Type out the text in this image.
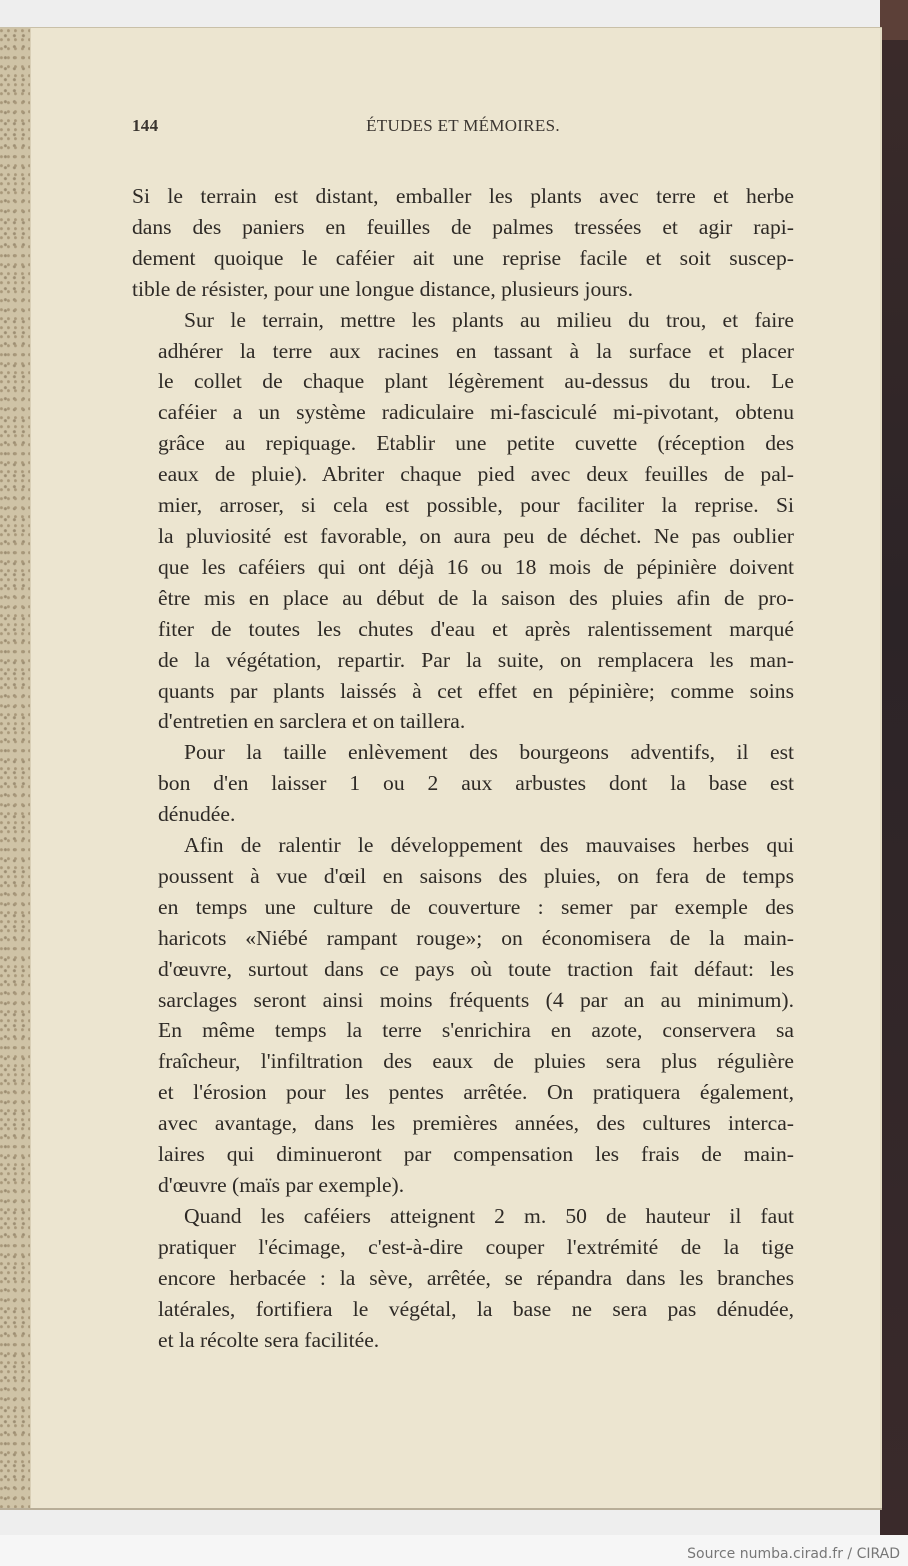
144	ÉTUDES ET MÉMOIRES.
Si le terrain est distant, emballer les plants avec terre et herbe
dans des paniers en feuilles de palmes tressées et agir rapi-
dement quoique le caféier ait une reprise facile et soit suscep-
tible de résister, pour une longue distance, plusieurs jours.
Sur le terrain, mettre les plants au milieu du trou, et faire
adhérer la terre aux racines en tassant à la surface et placer
le collet de chaque plant légèrement au-dessus du trou. Le
caféier a un système radiculaire mi-fasciculé mi-pivotant, obtenu
grâce au repiquage. Etablir une petite cuvette (réception des
eaux de pluie). Abriter chaque pied avec deux feuilles de pal-
mier, arroser, si cela est possible, pour faciliter la reprise. Si
la pluviosité est favorable, on aura peu de déchet. Ne pas oublier
que les caféiers qui ont déjà 16 ou 18 mois de pépinière doivent
être mis en place au début de la saison des pluies afin de pro-
fiter de toutes les chutes d'eau et après ralentissement marqué
de la végétation, repartir. Par la suite, on remplacera les man-
quants par plants laissés à cet effet en pépinière; comme soins
d'entretien en sarclera et on taillera.
Pour la taille enlèvement des bourgeons adventifs, il est
bon d'en laisser 1 ou 2 aux arbustes dont la base est
dénudée.
Afin de ralentir le développement des mauvaises herbes qui
poussent à vue d'œil en saisons des pluies, on fera de temps
en temps une culture de couverture : semer par exemple des
haricots «Niébé rampant rouge»; on économisera de la main-
d'œuvre, surtout dans ce pays où toute traction fait défaut: les
sarclages seront ainsi moins fréquents (4 par an au minimum).
En même temps la terre s'enrichira en azote, conservera sa
fraîcheur, l'infiltration des eaux de pluies sera plus régulière
et l'érosion pour les pentes arrêtée. On pratiquera également,
avec avantage, dans les premières années, des cultures interca-
laires qui diminueront par compensation les frais de main-
d'œuvre (maïs par exemple).
Quand les caféiers atteignent 2 m. 50 de hauteur il faut
pratiquer l'écimage, c'est-à-dire couper l'extrémité de la tige
encore herbacée : la sève, arrêtée, se répandra dans les branches
latérales, fortifiera le végétal, la base ne sera pas dénudée,
et la récolte sera facilitée.
Source numba.cirad.fr / CIRAD
